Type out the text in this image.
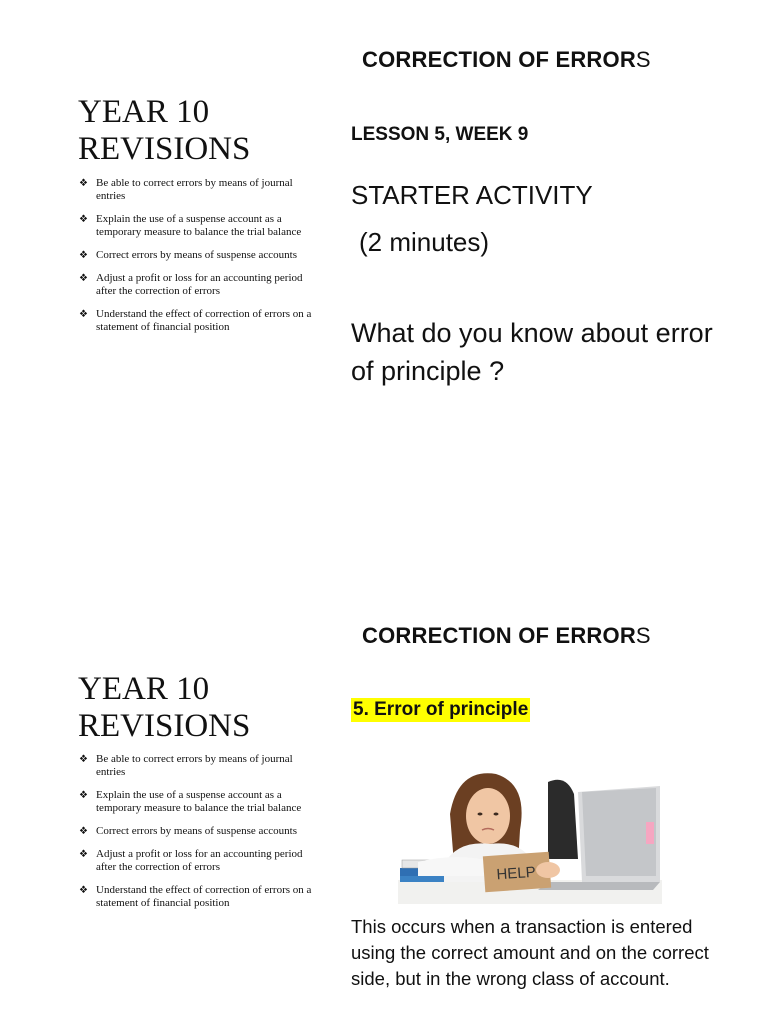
CORRECTION OF ERRORS
YEAR 10
REVISIONS
❖ Be able to correct errors by means of journal entries
❖ Explain the use of a suspense account as a temporary measure to balance the trial balance
❖ Correct errors by means of suspense accounts
❖ Adjust a profit or loss for an accounting period after the correction of errors
❖ Understand the effect of correction of errors on a statement of financial position

LESSON 5, WEEK 9

STARTER ACTIVITY
(2 minutes)

What do you know about error of principle ?

CORRECTION OF ERRORS
YEAR 10
REVISIONS
❖ Be able to correct errors by means of journal entries
❖ Explain the use of a suspense account as a temporary measure to balance the trial balance
❖ Correct errors by means of suspense accounts
❖ Adjust a profit or loss for an accounting period after the correction of errors
❖ Understand the effect of correction of errors on a statement of financial position

5. Error of principle

HELP

This occurs when a transaction is entered using the correct amount and on the correct side, but in the wrong class of account.
